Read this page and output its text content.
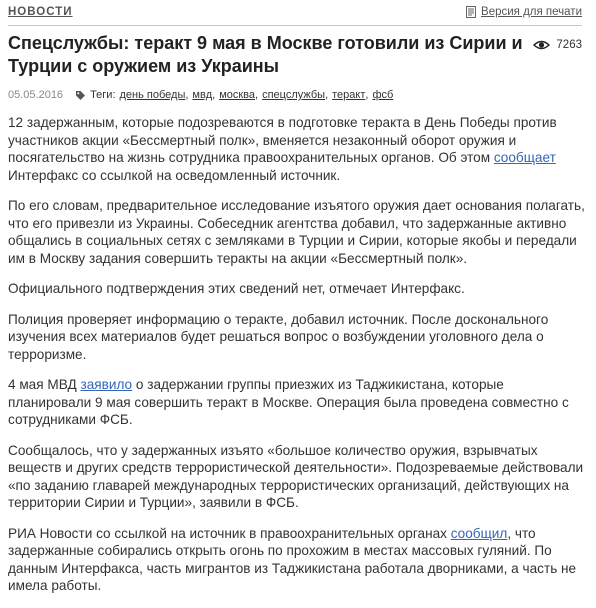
НОВОСТИ	Версия для печати
Спецслужбы: теракт 9 мая в Москве готовили из Сирии и Турции с оружием из Украины
7263
05.05.2016 Теги: день победы , мвд , москва , спецслужбы , теракт , фсб

12 задержанным, которые подозреваются в подготовке теракта в День Победы против участников акции «Бессмертный полк», вменяется незаконный оборот оружия и посягательство на жизнь сотрудника правоохранительных органов. Об этом сообщает Интерфакс со ссылкой на осведомленный источник.

По его словам, предварительное исследование изъятого оружия дает основания полагать, что его привезли из Украины. Собеседник агентства добавил, что задержанные активно общались в социальных сетях с земляками в Турции и Сирии, которые якобы и передали им в Москву задания совершить теракты на акции «Бессмертный полк».

Официального подтверждения этих сведений нет, отмечает Интерфакс.

Полиция проверяет информацию о теракте, добавил источник. После досконального изучения всех материалов будет решаться вопрос о возбуждении уголовного дела о терроризме.

4 мая МВД заявило о задержании группы приезжих из Таджикистана, которые планировали 9 мая совершить теракт в Москве. Операция была проведена совместно с сотрудниками ФСБ.

Сообщалось, что у задержанных изъято «большое количество оружия, взрывчатых веществ и других средств террористической деятельности». Подозреваемые действовали «по заданию главарей международных террористических организаций, действующих на территории Сирии и Турции», заявили в ФСБ.

РИА Новости со ссылкой на источник в правоохранительных органах сообщил, что задержанные собирались открыть огонь по прохожим в местах массовых гуляний. По данным Интерфакса, часть мигрантов из Таджикистана работала дворниками, а часть не имела работы.
